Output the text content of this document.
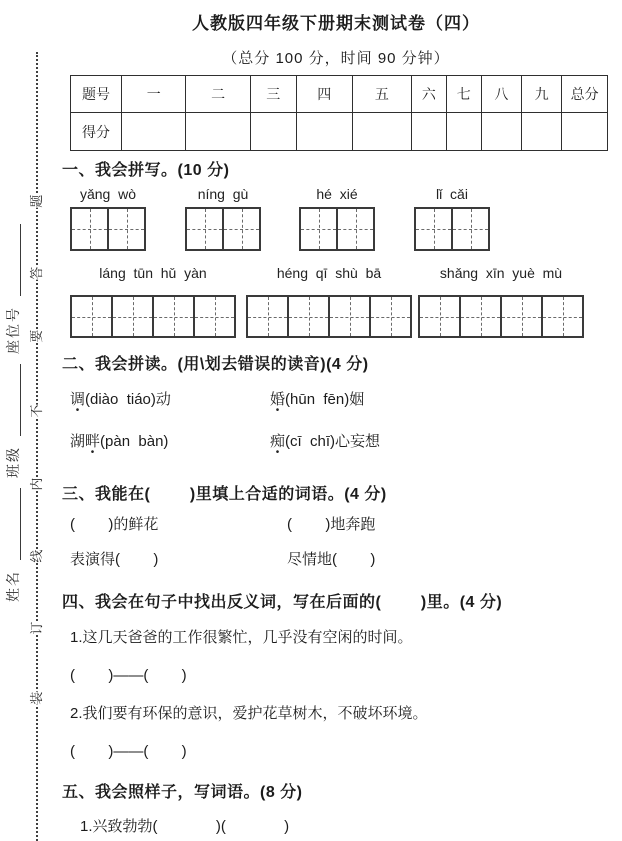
姓名
班级
座位号
题
答
要
不
内
线
订
装
人教版四年级下册期末测试卷（四）
（总分 100 分，时间 90 分钟）
题号	一	二	三	四	五	六	七	八	九	总分
得分										
一、我会拼写。(10 分)
yǎng  wò	níng  gù	hé  xié	lǐ  cǎi
láng  tūn  hǔ  yàn	héng  qī  shù  bā	shǎng  xīn  yuè  mù
二、我会拼读。(用\划去错误的读音)(4 分)
调(diào  tiáo)动	婚(hūn  fēn)姻
湖畔(pàn  bàn)	痴(cī  chī)心妄想
三、我能在(        )里填上合适的词语。(4 分)
(        )的鲜花	(        )地奔跑
表演得(        )	尽情地(        )
四、我会在句子中找出反义词，写在后面的(        )里。(4 分)
1.这几天爸爸的工作很繁忙，几乎没有空闲的时间。
(        )——(        )
2.我们要有环保的意识，爱护花草树木，不破坏环境。
(        )——(        )
五、我会照样子，写词语。(8 分)
1.兴致勃勃(              )(              )
